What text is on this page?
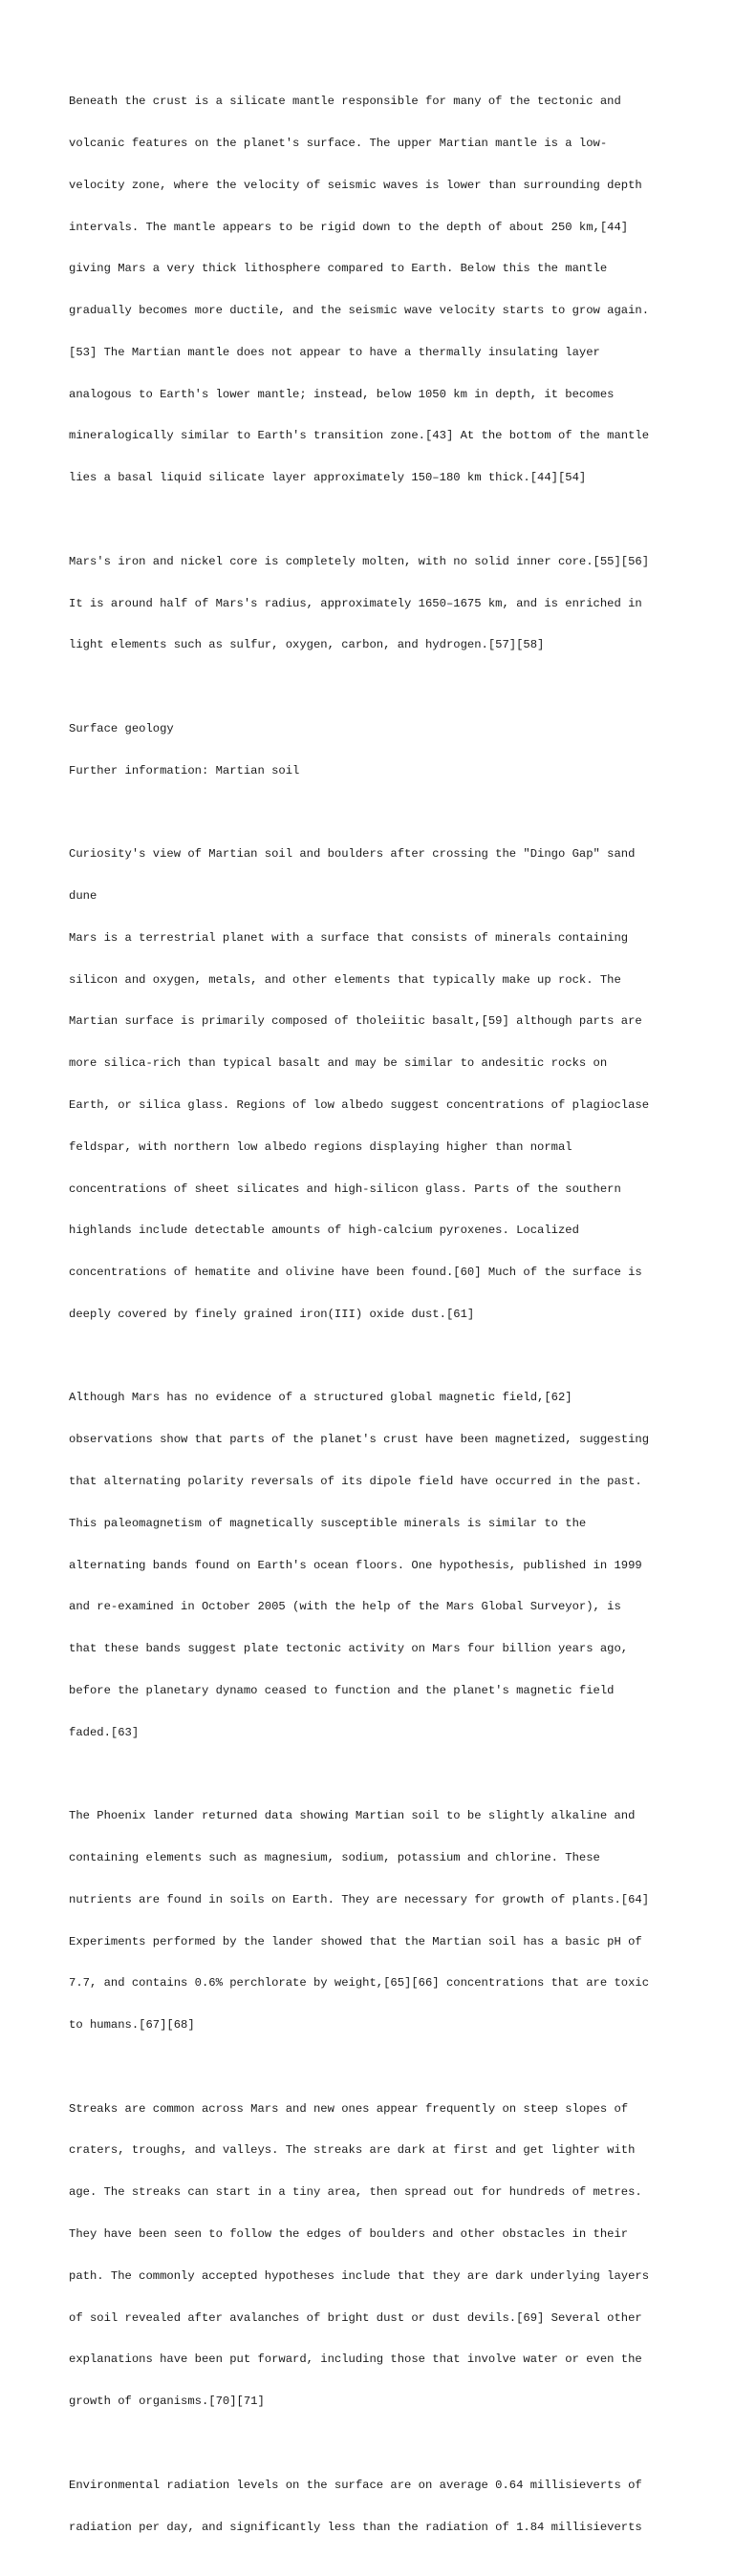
Beneath the crust is a silicate mantle responsible for many of the tectonic and

volcanic features on the planet's surface. The upper Martian mantle is a low-

velocity zone, where the velocity of seismic waves is lower than surrounding depth

intervals. The mantle appears to be rigid down to the depth of about 250 km,[44]

giving Mars a very thick lithosphere compared to Earth. Below this the mantle

gradually becomes more ductile, and the seismic wave velocity starts to grow again.

[53] The Martian mantle does not appear to have a thermally insulating layer

analogous to Earth's lower mantle; instead, below 1050 km in depth, it becomes

mineralogically similar to Earth's transition zone.[43] At the bottom of the mantle

lies a basal liquid silicate layer approximately 150–180 km thick.[44][54]

Mars's iron and nickel core is completely molten, with no solid inner core.[55][56]

It is around half of Mars's radius, approximately 1650–1675 km, and is enriched in

light elements such as sulfur, oxygen, carbon, and hydrogen.[57][58]

Surface geology

Further information: Martian soil

Curiosity's view of Martian soil and boulders after crossing the "Dingo Gap" sand

dune

Mars is a terrestrial planet with a surface that consists of minerals containing

silicon and oxygen, metals, and other elements that typically make up rock. The

Martian surface is primarily composed of tholeiitic basalt,[59] although parts are

more silica-rich than typical basalt and may be similar to andesitic rocks on

Earth, or silica glass. Regions of low albedo suggest concentrations of plagioclase

feldspar, with northern low albedo regions displaying higher than normal

concentrations of sheet silicates and high-silicon glass. Parts of the southern

highlands include detectable amounts of high-calcium pyroxenes. Localized

concentrations of hematite and olivine have been found.[60] Much of the surface is

deeply covered by finely grained iron(III) oxide dust.[61]

Although Mars has no evidence of a structured global magnetic field,[62]

observations show that parts of the planet's crust have been magnetized, suggesting

that alternating polarity reversals of its dipole field have occurred in the past.

This paleomagnetism of magnetically susceptible minerals is similar to the

alternating bands found on Earth's ocean floors. One hypothesis, published in 1999

and re-examined in October 2005 (with the help of the Mars Global Surveyor), is

that these bands suggest plate tectonic activity on Mars four billion years ago,

before the planetary dynamo ceased to function and the planet's magnetic field

faded.[63]

The Phoenix lander returned data showing Martian soil to be slightly alkaline and

containing elements such as magnesium, sodium, potassium and chlorine. These

nutrients are found in soils on Earth. They are necessary for growth of plants.[64]

Experiments performed by the lander showed that the Martian soil has a basic pH of

7.7, and contains 0.6% perchlorate by weight,[65][66] concentrations that are toxic

to humans.[67][68]

Streaks are common across Mars and new ones appear frequently on steep slopes of

craters, troughs, and valleys. The streaks are dark at first and get lighter with

age. The streaks can start in a tiny area, then spread out for hundreds of metres.

They have been seen to follow the edges of boulders and other obstacles in their

path. The commonly accepted hypotheses include that they are dark underlying layers

of soil revealed after avalanches of bright dust or dust devils.[69] Several other

explanations have been put forward, including those that involve water or even the

growth of organisms.[70][71]

Environmental radiation levels on the surface are on average 0.64 millisieverts of

radiation per day, and significantly less than the radiation of 1.84 millisieverts
